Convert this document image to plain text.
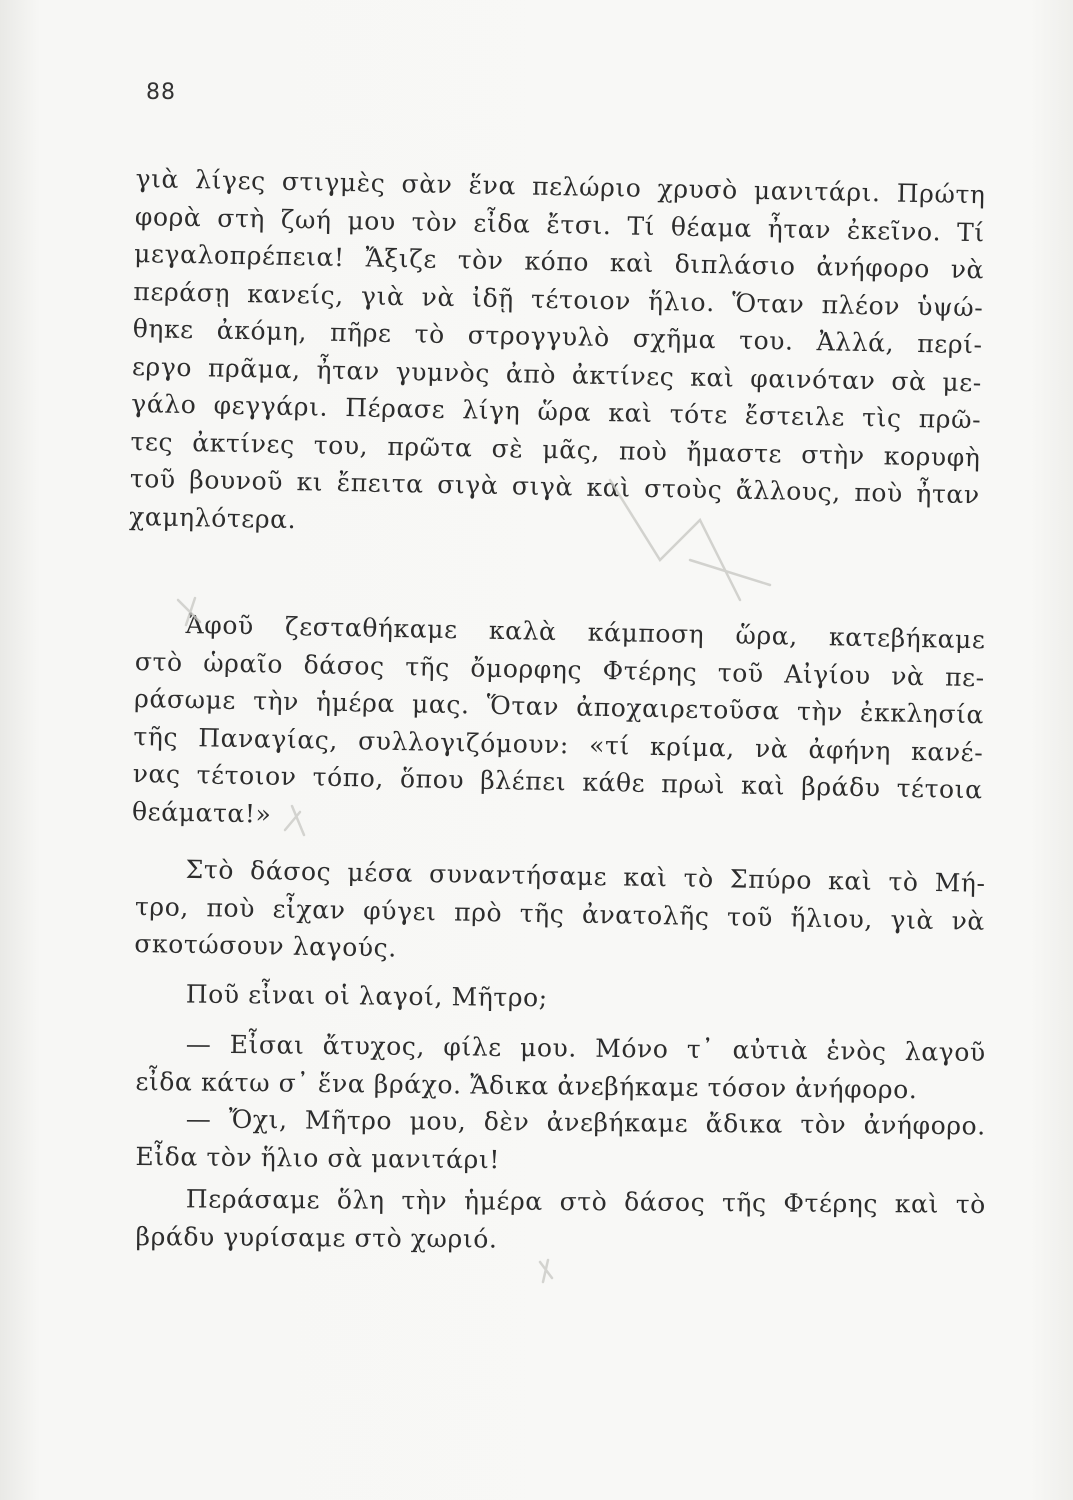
88
γιὰ λίγες στιγμὲς σὰν ἕνα πελώριο χρυσὸ μανιτάρι. Πρώτη
φορὰ στὴ ζωή μου τὸν εἶδα ἔτσι. Τί θέαμα ἦταν ἐκεῖνο. Τί
μεγαλοπρέπεια! Ἄξιζε τὸν κόπο καὶ διπλάσιο ἀνήφορο νὰ
περάσῃ κανείς, γιὰ νὰ ἰδῇ τέτοιον ἥλιο. Ὅταν πλέον ὑψώ-
θηκε ἀκόμη, πῆρε τὸ στρογγυλὸ σχῆμα του. Ἀλλά, περί-
εργο πρᾶμα, ἦταν γυμνὸς ἀπὸ ἀκτίνες καὶ φαινόταν σὰ με-
γάλο φεγγάρι. Πέρασε λίγη ὥρα καὶ τότε ἔστειλε τὶς πρῶ-
τες ἀκτίνες του, πρῶτα σὲ μᾶς, ποὺ ἤμαστε στὴν κορυφὴ
τοῦ βουνοῦ κι ἔπειτα σιγὰ σιγὰ καὶ στοὺς ἄλλους, ποὺ ἦταν
χαμηλότερα.
Ἀφοῦ ζεσταθήκαμε καλὰ κάμποση ὥρα, κατεβήκαμε
στὸ ὡραῖο δάσος τῆς ὄμορφης Φτέρης τοῦ Αἰγίου νὰ πε-
ράσωμε τὴν ἡμέρα μας. Ὅταν ἀποχαιρετοῦσα τὴν ἐκκλησία
τῆς Παναγίας, συλλογιζόμουν: «τί κρίμα, νὰ ἀφήνη κανέ-
νας τέτοιον τόπο, ὅπου βλέπει κάθε πρωὶ καὶ βράδυ τέτοια
θεάματα!»
Στὸ δάσος μέσα συναντήσαμε καὶ τὸ Σπύρο καὶ τὸ Μή-
τρο, ποὺ εἶχαν φύγει πρὸ τῆς ἀνατολῆς τοῦ ἥλιου, γιὰ νὰ
σκοτώσουν λαγούς.
Ποῦ εἶναι οἱ λαγοί, Μῆτρο;
— Εἶσαι ἄτυχος, φίλε μου. Μόνο τ᾽ αὐτιὰ ἑνὸς λαγοῦ
εἶδα κάτω σ᾽ ἕνα βράχο. Ἄδικα ἀνεβήκαμε τόσον ἀνήφορο.
— Ὄχι, Μῆτρο μου, δὲν ἀνεβήκαμε ἄδικα τὸν ἀνήφορο.
Εἶδα τὸν ἥλιο σὰ μανιτάρι!
Περάσαμε ὅλη τὴν ἡμέρα στὸ δάσος τῆς Φτέρης καὶ τὸ
βράδυ γυρίσαμε στὸ χωριό.
